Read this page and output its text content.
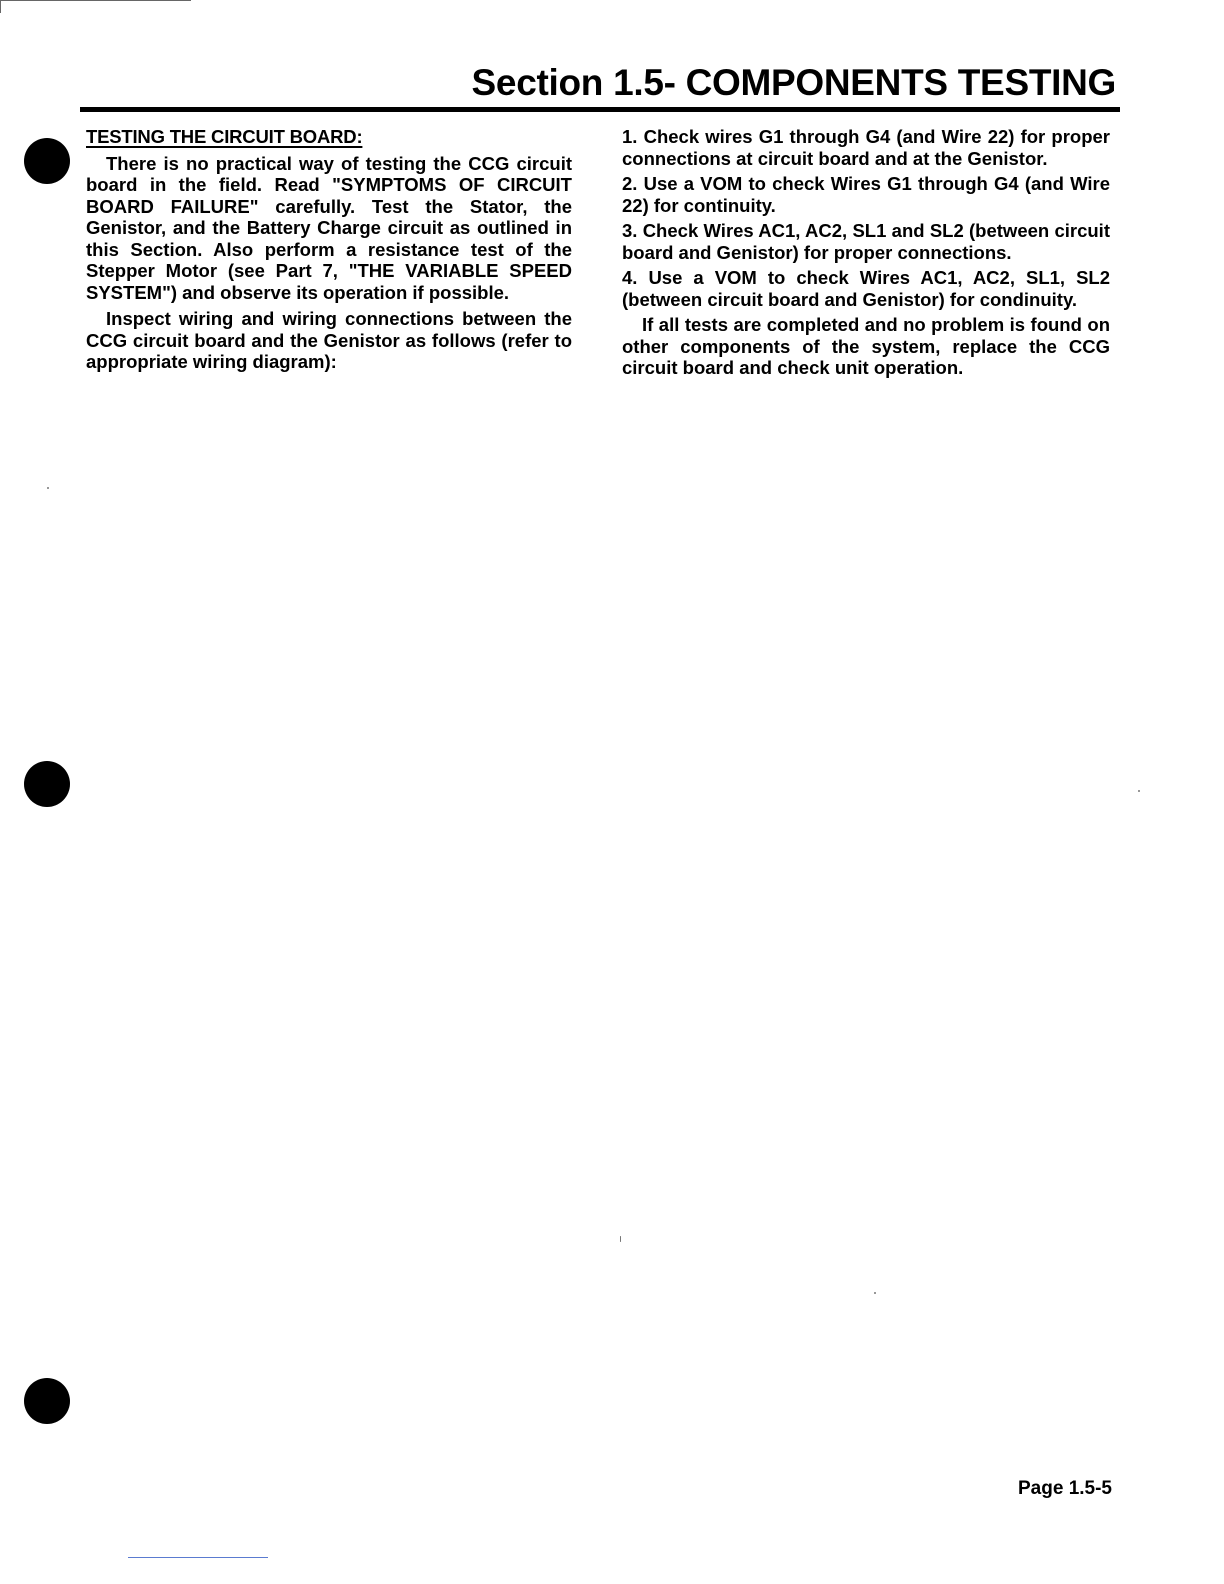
Section 1.5- COMPONENTS TESTING

TESTING THE CIRCUIT BOARD:

There is no practical way of testing the CCG circuit board in the field. Read "SYMPTOMS OF CIRCUIT BOARD FAILURE" carefully. Test the Stator, the Genistor, and the Battery Charge circuit as outlined in this Section. Also perform a resistance test of the Stepper Motor (see Part 7, "THE VARIABLE SPEED SYSTEM") and observe its operation if possible.

Inspect wiring and wiring connections between the CCG circuit board and the Genistor as follows (refer to appropriate wiring diagram):

1. Check wires G1 through G4 (and Wire 22) for proper connections at circuit board and at the Genistor.

2. Use a VOM to check Wires G1 through G4 (and Wire 22) for continuity.

3. Check Wires AC1, AC2, SL1 and SL2 (between circuit board and Genistor) for proper connections.

4. Use a VOM to check Wires AC1, AC2, SL1, SL2 (between circuit board and Genistor) for condinuity.

If all tests are completed and no problem is found on other components of the system, replace the CCG circuit board and check unit operation.

Page 1.5-5
